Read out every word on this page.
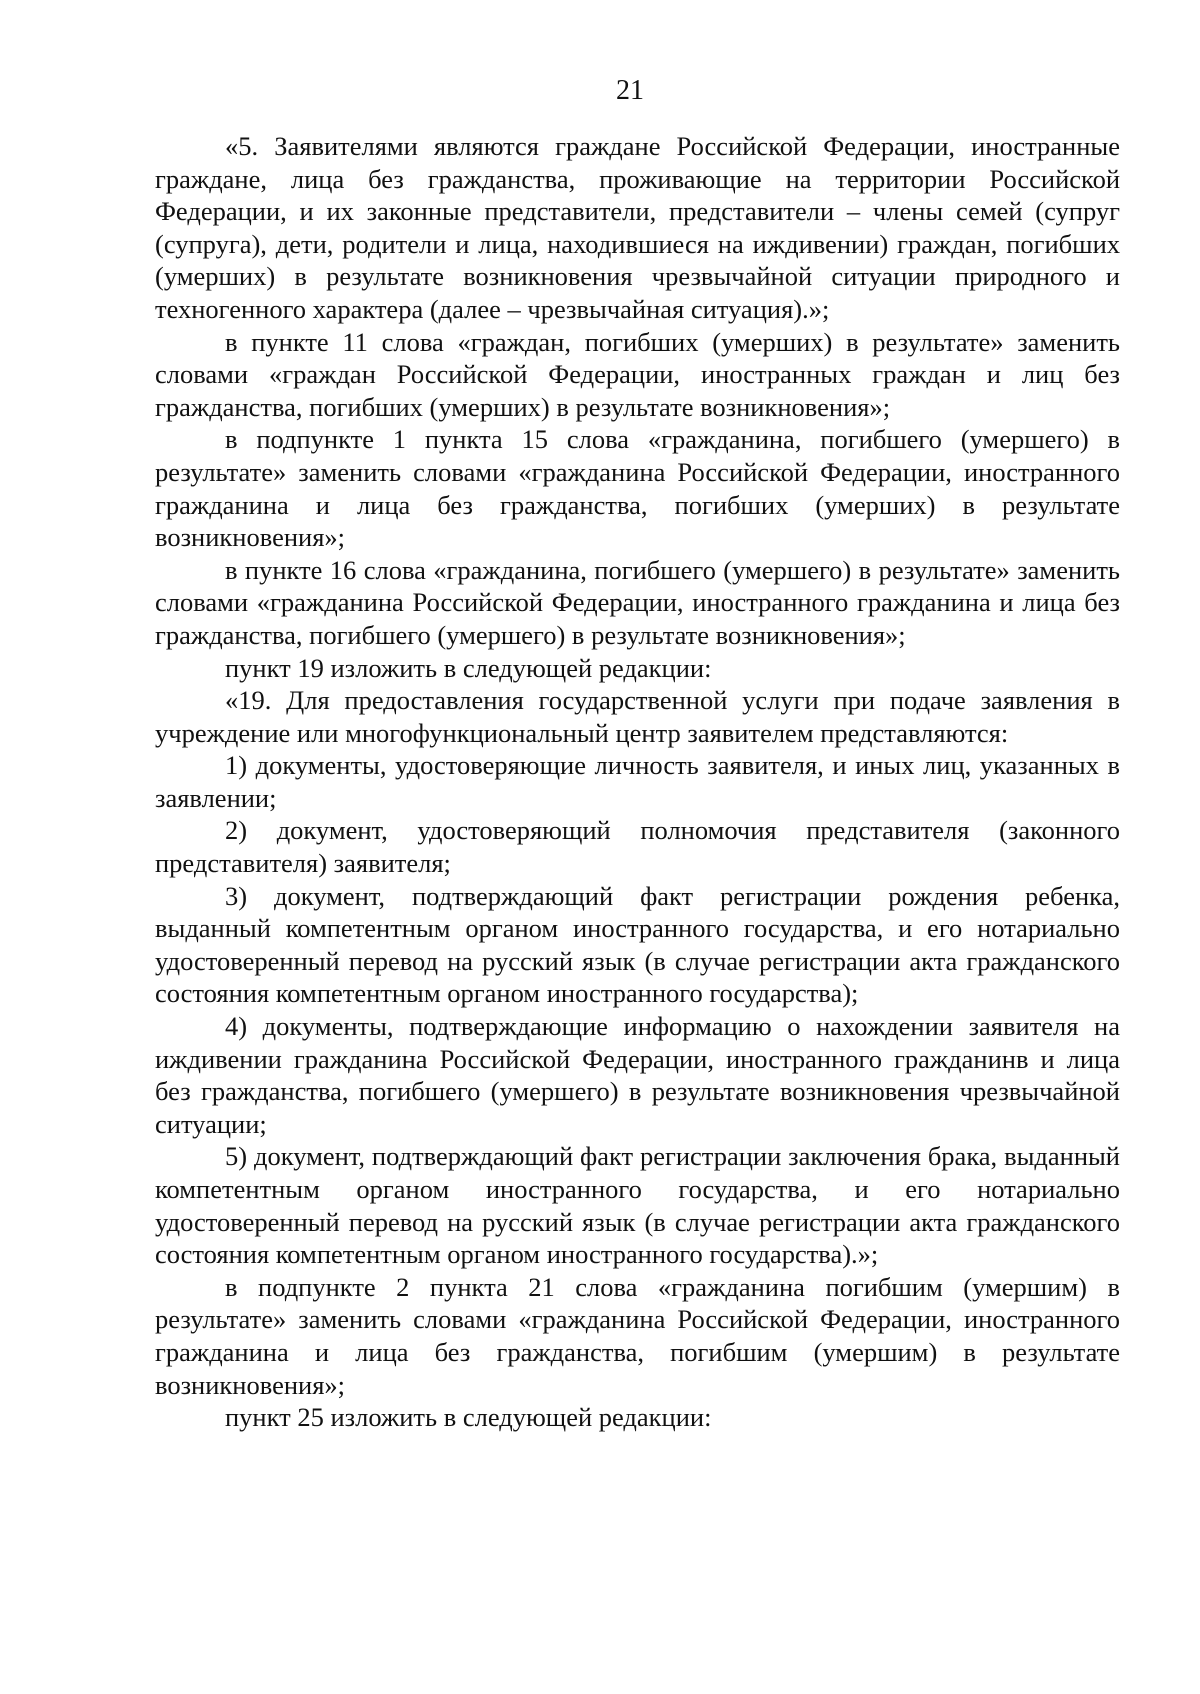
21

«5. Заявителями являются граждане Российской Федерации, иностранные граждане, лица без гражданства, проживающие на территории Российской Федерации, и их законные представители, представители – члены семей (супруг (супруга), дети, родители и лица, находившиеся на иждивении) граждан, погибших (умерших) в результате возникновения чрезвычайной ситуации природного и техногенного характера (далее – чрезвычайная ситуация).»;

в пункте 11 слова «граждан, погибших (умерших) в результате» заменить словами «граждан Российской Федерации, иностранных граждан и лиц без гражданства, погибших (умерших) в результате возникновения»;

в подпункте 1 пункта 15 слова «гражданина, погибшего (умершего) в результате» заменить словами «гражданина Российской Федерации, иностранного гражданина и лица без гражданства, погибших (умерших) в результате возникновения»;

в пункте 16 слова «гражданина, погибшего (умершего) в результате» заменить словами «гражданина Российской Федерации, иностранного гражданина и лица без гражданства, погибшего (умершего) в результате возникновения»;

пункт 19 изложить в следующей редакции:

«19. Для предоставления государственной услуги при подаче заявления в учреждение или многофункциональный центр заявителем представляются:

1) документы, удостоверяющие личность заявителя, и иных лиц, указанных в заявлении;

2) документ, удостоверяющий полномочия представителя (законного представителя) заявителя;

3) документ, подтверждающий факт регистрации рождения ребенка, выданный компетентным органом иностранного государства, и его нотариально удостоверенный перевод на русский язык (в случае регистрации акта гражданского состояния компетентным органом иностранного государства);

4) документы, подтверждающие информацию о нахождении заявителя на иждивении гражданина Российской Федерации, иностранного гражданинв и лица без гражданства, погибшего (умершего) в результате возникновения чрезвычайной ситуации;

5) документ, подтверждающий факт регистрации заключения брака, выданный компетентным органом иностранного государства, и его нотариально удостоверенный перевод на русский язык (в случае регистрации акта гражданского состояния компетентным органом иностранного государства).»;

в подпункте 2 пункта 21 слова «гражданина погибшим (умершим) в результате» заменить словами «гражданина Российской Федерации, иностранного гражданина и лица без гражданства, погибшим (умершим) в результате возникновения»;

пункт 25 изложить в следующей редакции:
